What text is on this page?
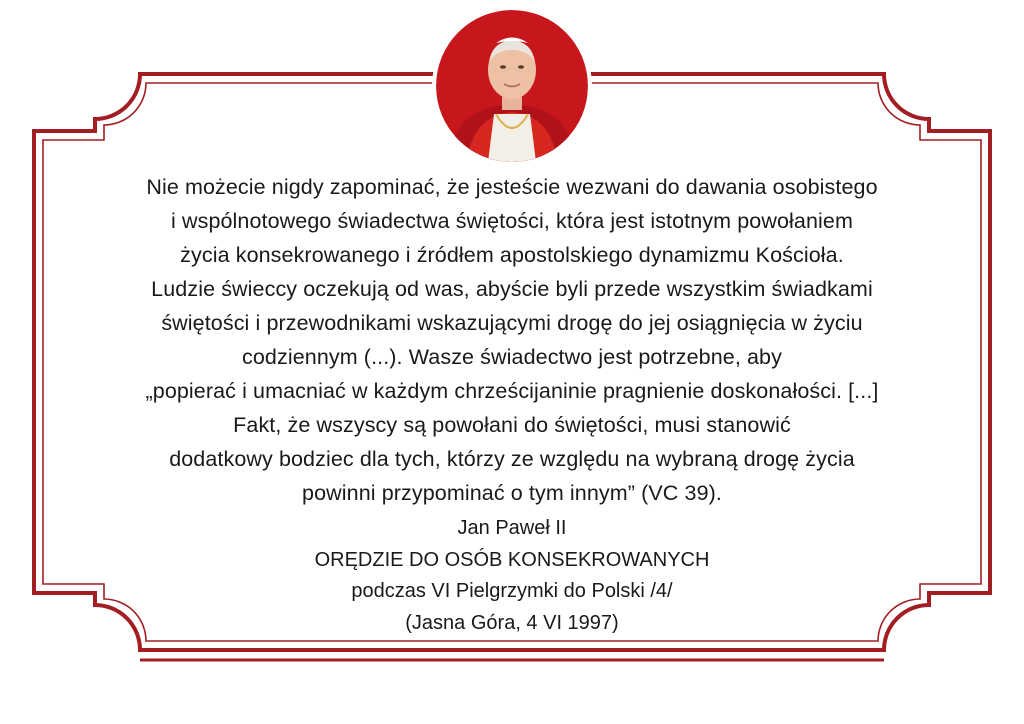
Nie możecie nigdy zapominać, że jesteście wezwani do dawania osobistego
i wspólnotowego świadectwa świętości, która jest istotnym powołaniem
życia konsekrowanego i źródłem apostolskiego dynamizmu Kościoła.
Ludzie świeccy oczekują od was, abyście byli przede wszystkim świadkami
świętości i przewodnikami wskazującymi drogę do jej osiągnięcia w życiu
codziennym (...). Wasze świadectwo jest potrzebne, aby
„popierać i umacniać w każdym chrześcijaninie pragnienie doskonałości. [...]
Fakt, że wszyscy są powołani do świętości, musi stanowić
dodatkowy bodziec dla tych, którzy ze względu na wybraną drogę życia
powinni przypominać o tym innym” (VC 39).
Jan Paweł II
ORĘDZIE DO OSÓB KONSEKROWANYCH
podczas VI Pielgrzymki do Polski /4/
(Jasna Góra, 4 VI 1997)
